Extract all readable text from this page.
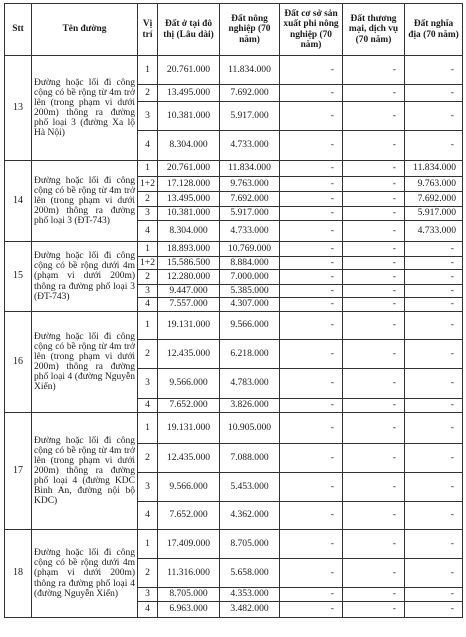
Stt	Tên đường	Vị trí	Đất ở tại đô thị (Lâu dài)	Đất nông nghiệp (70 năm)	Đất cơ sở sản xuất phi nông nghiệp (70 năm)	Đất thương mại, dịch vụ (70 năm)	Đất nghĩa địa (70 năm)
13	Đường hoặc lối đi công cộng có bề rộng từ 4m trở lên (trong phạm vi dưới 200m) thông ra đường phố loại 3 (đường Xa lộ Hà Nội)	1	20.761.000	11.834.000	-	-	-
		2	13.495.000	7.692.000	-	-	-
		3	10.381.000	5.917.000	-	-	-
		4	8.304.000	4.733.000	-	-	-
14	Đường hoặc lối đi công cộng có bề rộng từ 4m trở lên (trong phạm vi dưới 200m) thông ra đường phố loại 3 (ĐT-743)	1	20.761.000	11.834.000	-	-	11.834.000
		1+2	17.128.000	9.763.000	-	-	9.763.000
		2	13.495.000	7.692.000	-	-	7.692.000
		3	10.381.000	5.917.000	-	-	5.917.000
		4	8.304.000	4.733.000	-	-	4.733.000
15	Đường hoặc lối đi công cộng có bề rộng dưới 4m (phạm vi dưới 200m) thông ra đường phố loại 3 (ĐT-743)	1	18.893.000	10.769.000	-	-	-
		1+2	15.586.500	8.884.000	-	-	-
		2	12.280.000	7.000.000	-	-	-
		3	9.447.000	5.385.000	-	-	-
		4	7.557.000	4.307.000	-	-	-
16	Đường hoặc lối đi công cộng có bề rộng từ 4m trở lên (trong phạm vi dưới 200m) thông ra đường phố loại 4 (đường Nguyễn Xiển)	1	19.131.000	9.566.000	-	-	-
		2	12.435.000	6.218.000	-	-	-
		3	9.566.000	4.783.000	-	-	-
		4	7.652.000	3.826.000	-	-	-
17	Đường hoặc lối đi công cộng có bề rộng từ 4m trở lên (trong phạm vi dưới 200m) thông ra đường phố loại 4 (đường KDC Bình An, đường nội bộ KDC)	1	19.131.000	10.905.000	-	-	-
		2	12.435.000	7.088.000	-	-	-
		3	9.566.000	5.453.000	-	-	-
		4	7.652.000	4.362.000	-	-	-
18	Đường hoặc lối đi công cộng có bề rộng dưới 4m (phạm vi dưới 200m) thông ra đường phố loại 4 (đường Nguyễn Xiển)	1	17.409.000	8.705.000	-	-	-
		2	11.316.000	5.658.000	-	-	-
		3	8.705.000	4.353.000	-	-	-
		4	6.963.000	3.482.000	-	-	-
